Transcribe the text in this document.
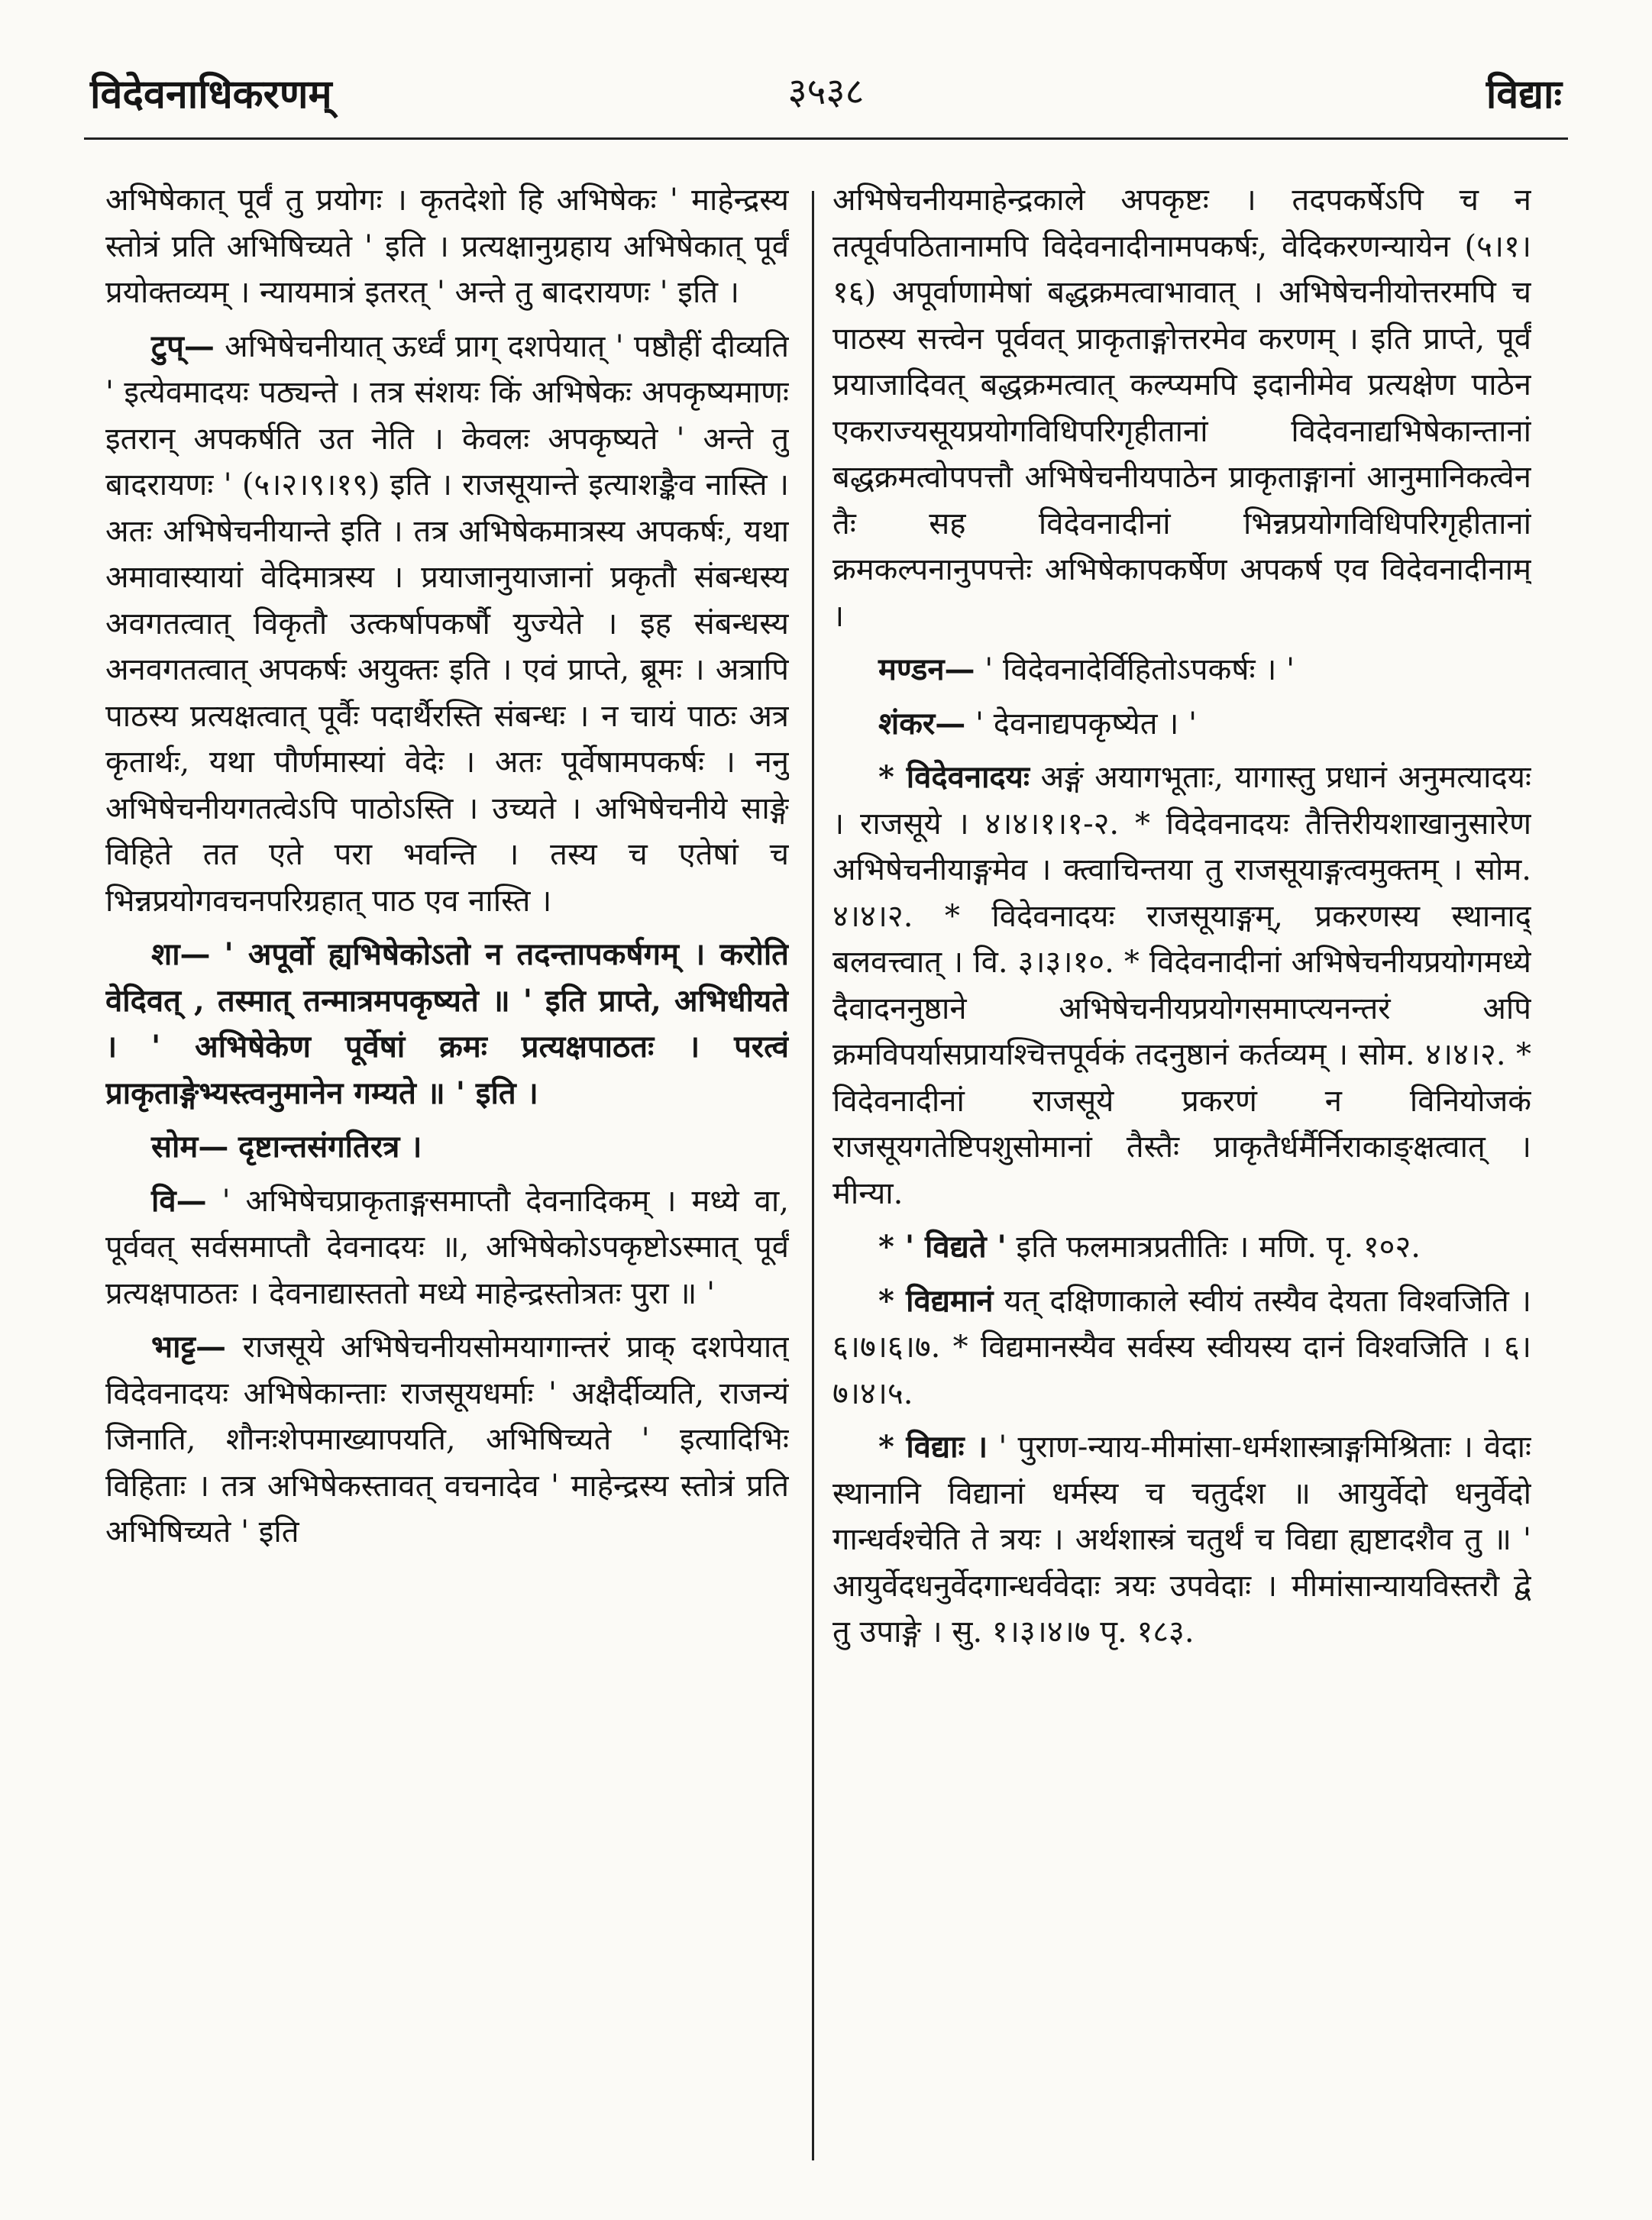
विदेवनाधिकरणम्	३५३८	विद्याः

अभिषेकात् पूर्वं तु प्रयोगः । कृतदेशो हि अभिषेकः ' माहेन्द्रस्य स्तोत्रं प्रति अभिषिच्यते ' इति । प्रत्यक्षानुग्रहाय अभिषेकात् पूर्वं प्रयोक्तव्यम् । न्यायमात्रं इतरत् ' अन्ते तु बादरायणः ' इति ।

टुप्— अभिषेचनीयात् ऊर्ध्वं प्राग् दशपेयात् ' पष्ठौहीं दीव्यति ' इत्येवमादयः पठ्यन्ते । तत्र संशयः किं अभिषेकः अपकृष्यमाणः इतरान् अपकर्षति उत नेति । केवलः अपकृष्यते ' अन्ते तु बादरायणः ' (५।२।९।१९) इति । राजसूयान्ते इत्याशङ्कैव नास्ति । अतः अभिषेचनीयान्ते इति । तत्र अभिषेकमात्रस्य अपकर्षः, यथा अमावास्यायां वेदिमात्रस्य । प्रयाजानुयाजानां प्रकृतौ संबन्धस्य अवगतत्वात् विकृतौ उत्कर्षापकर्षौ युज्येते । इह संबन्धस्य अनवगतत्वात् अपकर्षः अयुक्तः इति । एवं प्राप्ते, ब्रूमः । अत्रापि पाठस्य प्रत्यक्षत्वात् पूर्वैः पदार्थैरस्ति संबन्धः । न चायं पाठः अत्र कृतार्थः, यथा पौर्णमास्यां वेदेः । अतः पूर्वेषामपकर्षः । ननु अभिषेचनीयगतत्वेऽपि पाठोऽस्ति । उच्यते । अभिषेचनीये साङ्गे विहिते तत एते परा भवन्ति । तस्य च एतेषां च भिन्नप्रयोगवचनपरिग्रहात् पाठ एव नास्ति ।

शा— ' अपूर्वो ह्यभिषेकोऽतो न तदन्तापकर्षगम् । करोति वेदिवत् , तस्मात् तन्मात्रमपकृष्यते ॥ ' इति प्राप्ते, अभिधीयते । ' अभिषेकेण पूर्वेषां क्रमः प्रत्यक्षपाठतः । परत्वं प्राकृताङ्गेभ्यस्त्वनुमानेन गम्यते ॥ ' इति ।

सोम— दृष्टान्तसंगतिरत्र ।

वि— ' अभिषेचप्राकृताङ्गसमाप्तौ देवनादिकम् । मध्ये वा, पूर्ववत् सर्वसमाप्तौ देवनादयः ॥, अभिषेकोऽपकृष्टोऽस्मात् पूर्वं प्रत्यक्षपाठतः । देवनाद्यास्ततो मध्ये माहेन्द्रस्तोत्रतः पुरा ॥ '

भाट्ट— राजसूये अभिषेचनीयसोमयागान्तरं प्राक् दशपेयात् विदेवनादयः अभिषेकान्ताः राजसूयधर्माः ' अक्षैर्दीव्यति, राजन्यं जिनाति, शौनःशेपमाख्यापयति, अभिषिच्यते ' इत्यादिभिः विहिताः । तत्र अभिषेकस्तावत् वचनादेव ' माहेन्द्रस्य स्तोत्रं प्रति अभिषिच्यते ' इति

अभिषेचनीयमाहेन्द्रकाले अपकृष्टः । तदपकर्षेऽपि च न तत्पूर्वपठितानामपि विदेवनादीनामपकर्षः, वेदिकरणन्यायेन (५।१।१६) अपूर्वाणामेषां बद्धक्रमत्वाभावात् । अभिषेचनीयोत्तरमपि च पाठस्य सत्त्वेन पूर्ववत् प्राकृताङ्गोत्तरमेव करणम् । इति प्राप्ते, पूर्वं प्रयाजादिवत् बद्धक्रमत्वात् कल्प्यमपि इदानीमेव प्रत्यक्षेण पाठेन एकराज्यसूयप्रयोगविधिपरिगृहीतानां विदेवनाद्यभिषेकान्तानां बद्धक्रमत्वोपपत्तौ अभिषेचनीयपाठेन प्राकृताङ्गानां आनुमानिकत्वेन तैः सह विदेवनादीनां भिन्नप्रयोगविधिपरिगृहीतानां क्रमकल्पनानुपपत्तेः अभिषेकापकर्षेण अपकर्ष एव विदेवनादीनाम् ।

मण्डन— ' विदेवनादेर्विहितोऽपकर्षः । '

शंकर— ' देवनाद्यपकृष्येत । '

* विदेवनादयः अङ्गं अयागभूताः, यागास्तु प्रधानं अनुमत्यादयः । राजसूये । ४।४।१।१-२. * विदेवनादयः तैत्तिरीयशाखानुसारेण अभिषेचनीयाङ्गमेव । क्त्वाचिन्तया तु राजसूयाङ्गत्वमुक्तम् । सोम. ४।४।२. * विदेवनादयः राजसूयाङ्गम्, प्रकरणस्य स्थानाद् बलवत्त्वात् । वि. ३।३।१०. * विदेवनादीनां अभिषेचनीयप्रयोगमध्ये दैवादननुष्ठाने अभिषेचनीयप्रयोगसमाप्त्यनन्तरं अपि क्रमविपर्यासप्रायश्चित्तपूर्वकं तदनुष्ठानं कर्तव्यम् । सोम. ४।४।२. * विदेवनादीनां राजसूये प्रकरणं न विनियोजकं राजसूयगतेष्टिपशुसोमानां तैस्तैः प्राकृतैर्धर्मैर्निराकाङ्क्षत्वात् । मीन्या.

* ' विद्यते ' इति फलमात्रप्रतीतिः । मणि. पृ. १०२.

* विद्यमानं यत् दक्षिणाकाले स्वीयं तस्यैव देयता विश्वजिति । ६।७।६।७. * विद्यमानस्यैव सर्वस्य स्वीयस्य दानं विश्वजिति । ६।७।४।५.

* विद्याः । ' पुराण-न्याय-मीमांसा-धर्मशास्त्राङ्गमिश्रिताः । वेदाः स्थानानि विद्यानां धर्मस्य च चतुर्दश ॥ आयुर्वेदो धनुर्वेदो गान्धर्वश्चेति ते त्रयः । अर्थशास्त्रं चतुर्थं च विद्या ह्यष्टादशैव तु ॥ ' आयुर्वेदधनुर्वेदगान्धर्ववेदाः त्रयः उपवेदाः । मीमांसान्यायविस्तरौ द्वे तु उपाङ्गे । सु. १।३।४।७ पृ. १८३.
